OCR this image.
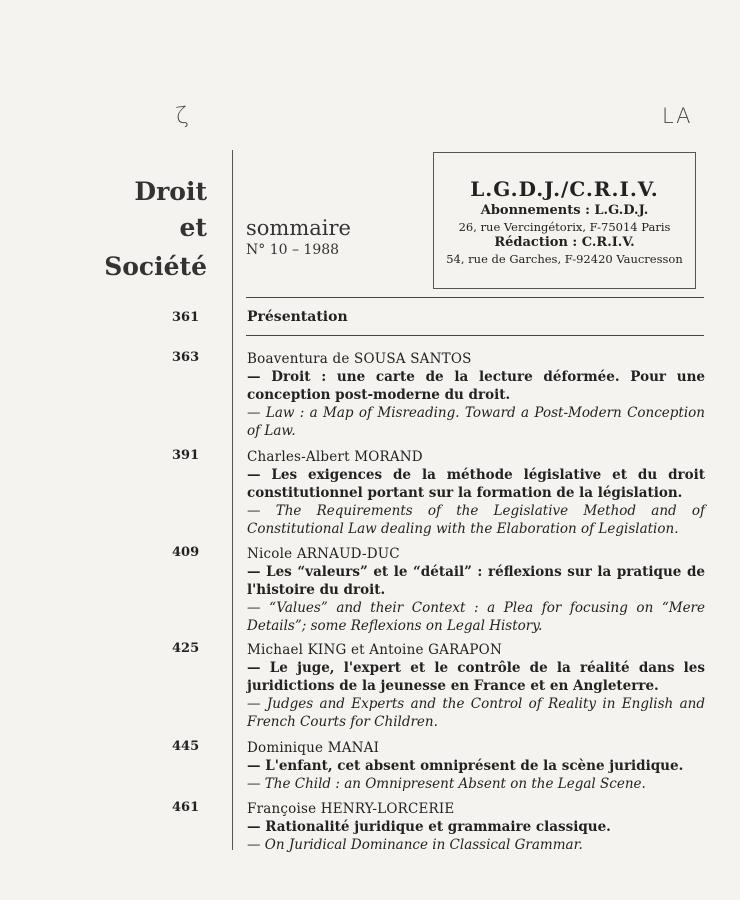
ζ	LA
Droit
et
Société
sommaire
N° 10 – 1988
L.G.D.J./C.R.I.V.
Abonnements : L.G.D.J.
26, rue Vercingétorix, F-75014 Paris
Rédaction : C.R.I.V.
54, rue de Garches, F-92420 Vaucresson
361	Présentation
363	Boaventura de SOUSA SANTOS
— Droit : une carte de la lecture déformée. Pour une conception post-moderne du droit.
— Law : a Map of Misreading. Toward a Post-Modern Conception of Law.
391	Charles-Albert MORAND
— Les exigences de la méthode législative et du droit constitutionnel portant sur la formation de la législation.
— The Requirements of the Legislative Method and of Constitutional Law dealing with the Elaboration of Legislation.
409	Nicole ARNAUD-DUC
— Les “valeurs” et le “détail” : réflexions sur la pratique de l'histoire du droit.
— “Values” and their Context : a Plea for focusing on “Mere Details”; some Reflexions on Legal History.
425	Michael KING et Antoine GARAPON
— Le juge, l'expert et le contrôle de la réalité dans les juridictions de la jeunesse en France et en Angleterre.
— Judges and Experts and the Control of Reality in English and French Courts for Children.
445	Dominique MANAI
— L'enfant, cet absent omniprésent de la scène juridique.
— The Child : an Omnipresent Absent on the Legal Scene.
461	Françoise HENRY-LORCERIE
— Rationalité juridique et grammaire classique.
— On Juridical Dominance in Classical Grammar.
